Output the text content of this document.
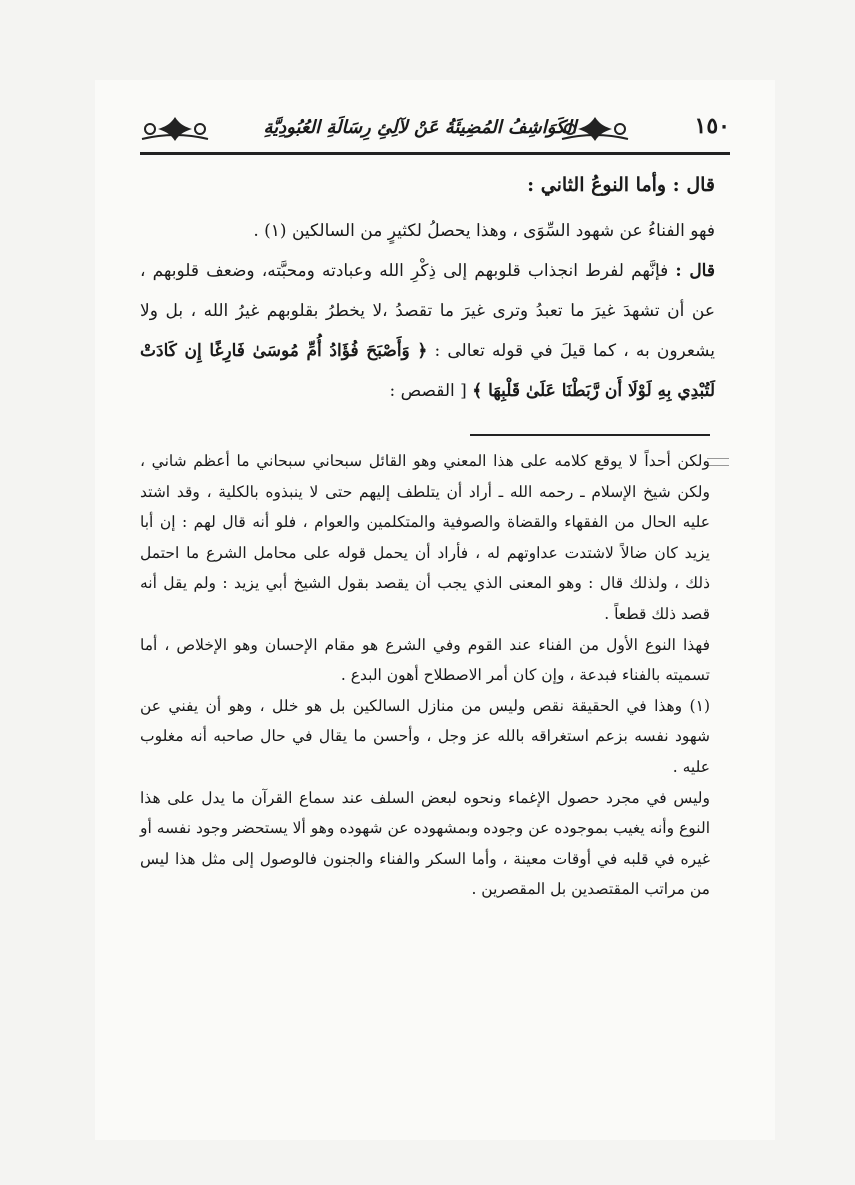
الكَوَاشِفُ المُضِيئَةُ عَنْ لآلِئِ رِسَالَةِ العُبُودِيَّةِ	١٥٠

قال : وأما النوعُ الثاني :

فهو الفناءُ عن شهود السِّوَى ، وهذا يحصلُ لكثيرٍ من السالكين (١) .

قال : فإنَّهم لفرط انجذاب قلوبهم إلى ذِكْرِ الله وعبادته ومحبَّته، وضعف قلوبهم ، عن أن تشهدَ غيرَ ما تعبدُ وترى غيرَ ما تقصدُ ،لا يخطرُ بقلوبهم غيرُ الله ، بل ولا يشعرون به ، كما قيلَ في قوله تعالى : ﴿ وَأَصْبَحَ فُؤَادُ أُمِّ مُوسَىٰ فَارِغًا إِن كَادَتْ لَتُبْدِي بِهِ لَوْلَا أَن رَّبَطْنَا عَلَىٰ قَلْبِهَا ﴾ [ القصص :

ولكن أحداً لا يوقع كلامه على هذا المعني وهو القائل سبحاني سبحاني ما أعظم شاني ، ولكن شيخ الإسلام ـ رحمه الله ـ أراد أن يتلطف إليهم حتى لا ينبذوه بالكلية ، وقد اشتد عليه الحال من الفقهاء والقضاة والصوفية والمتكلمين والعوام ، فلو أنه قال لهم : إن أبا يزيد كان ضالاً لاشتدت عداوتهم له ، فأراد أن يحمل قوله على محامل الشرع ما احتمل ذلك ، ولذلك قال : وهو المعنى الذي يجب أن يقصد بقول الشيخ أبي يزيد : ولم يقل أنه قصد ذلك قطعاً .

فهذا النوع الأول من الفناء عند القوم وفي الشرع هو مقام الإحسان وهو الإخلاص ، أما تسميته بالفناء فبدعة ، وإن كان أمر الاصطلاح أهون البدع .

(١) وهذا في الحقيقة نقص وليس من منازل السالكين بل هو خلل ، وهو أن يفني عن شهود نفسه بزعم استغراقه بالله عز وجل ، وأحسن ما يقال في حال صاحبه أنه مغلوب عليه .

وليس في مجرد حصول الإغماء ونحوه لبعض السلف عند سماع القرآن ما يدل على هذا النوع وأنه يغيب بموجوده عن وجوده وبمشهوده عن شهوده وهو ألا يستحضر وجود نفسه أو غيره في قلبه في أوقات معينة ، وأما السكر والفناء والجنون فالوصول إلى مثل هذا ليس من مراتب المقتصدين بل المقصرين .
